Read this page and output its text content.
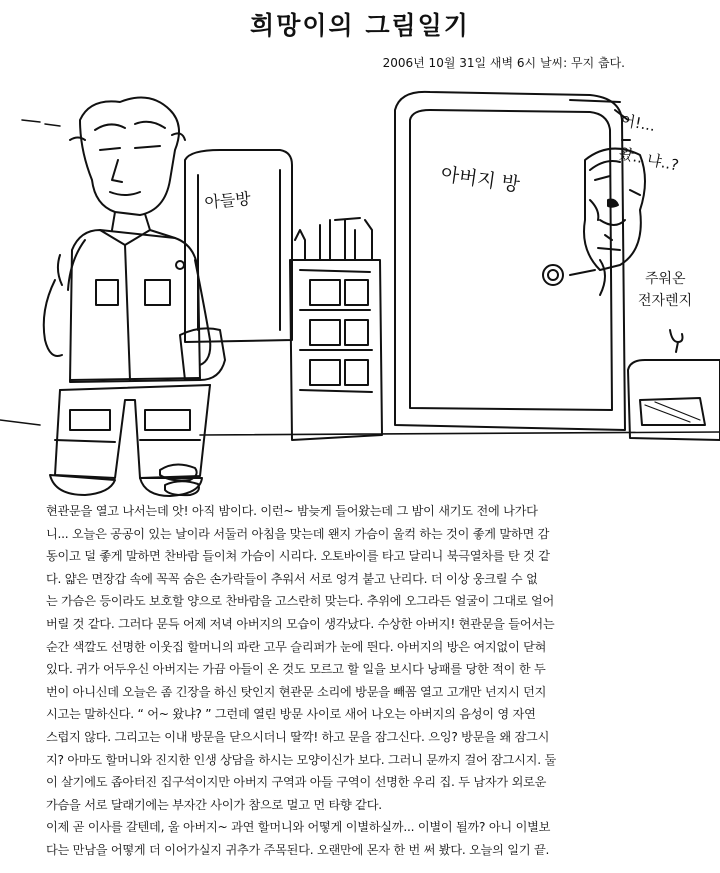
희망이의 그림일기
2006년 10월 31일 새벽 6시 날씨: 무지 춥다.
아들방
아버지 방
어!...
왔.. 냐..?
주워온
전자렌지
현관문을 열고 나서는데 앗! 아직 밤이다. 이런~ 밤늦게 들어왔는데 그 밤이 새기도 전에 나가다
니... 오늘은 공공이 있는 날이라 서둘러 아침을 맞는데 왠지 가슴이 울컥 하는 것이 좋게 말하면 감
동이고 덜 좋게 말하면 찬바람 들이쳐 가슴이 시리다. 오토바이를 타고 달리니 북극열차를 탄 것 같
다. 얇은 면장갑 속에 꼭꼭 숨은 손가락들이 추워서 서로 엉겨 붙고 난리다. 더 이상 웅크릴 수 없
는 가슴은 등이라도 보호할 양으로 찬바람을 고스란히 맞는다. 추위에 오그라든 얼굴이 그대로 얼어
버릴 것 같다. 그러다 문득 어제 저녁 아버지의 모습이 생각났다. 수상한 아버지! 현관문을 들어서는
순간 색깔도 선명한 이웃집 할머니의 파란 고무 슬리퍼가 눈에 띈다. 아버지의 방은 여지없이 닫혀
있다. 귀가 어두우신 아버지는 가끔 아들이 온 것도 모르고 할 일을 보시다 낭패를 당한 적이 한 두
번이 아니신데 오늘은 좀 긴장을 하신 탓인지 현관문 소리에 방문을 빼꼼 열고 고개만 넌지시 던지
시고는 말하신다. “ 어~ 왔냐? ” 그런데 열린 방문 사이로 새어 나오는 아버지의 음성이 영 자연
스럽지 않다. 그리고는 이내 방문을 닫으시더니 딸깍! 하고 문을 잠그신다. 으잉? 방문을 왜 잠그시
지? 아마도 할머니와 진지한 인생 상담을 하시는 모양이신가 보다. 그러니 문까지 걸어 잠그시지. 둘
이 살기에도 좁아터진 집구석이지만 아버지 구역과 아들 구역이 선명한 우리 집. 두 남자가 외로운
가슴을 서로 달래기에는 부자간 사이가 참으로 멀고 먼 타향 같다.
이제 곧 이사를 갈텐데, 울 아버지~ 과연 할머니와 어떻게 이별하실까... 이별이 될까? 아니 이별보
다는 만남을 어떻게 더 이어가실지 귀추가 주목된다. 오랜만에 몬자 한 번 써 봤다. 오늘의 일기 끝.
